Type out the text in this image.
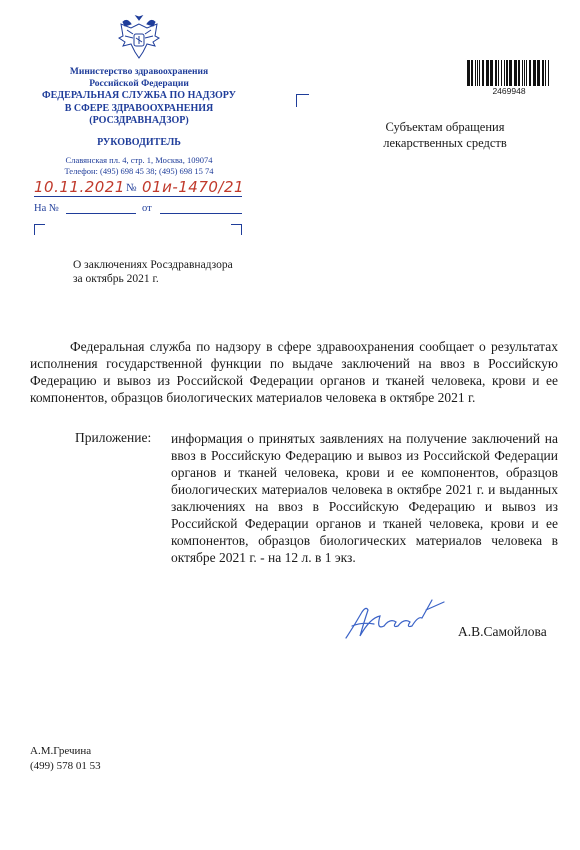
Министерство здравоохранения
Российской Федерации
ФЕДЕРАЛЬНАЯ СЛУЖБА ПО НАДЗОРУ
В СФЕРЕ ЗДРАВООХРАНЕНИЯ
(РОСЗДРАВНАДЗОР)
РУКОВОДИТЕЛЬ
Славянская пл. 4, стр. 1, Москва, 109074
Телефон: (495) 698 45 38; (495) 698 15 74
10.11.2021 № 01и-1470/21
На №	от
2469948
Субъектам обращения
лекарственных средств
О заключениях Росздравнадзора
за октябрь 2021 г.
Федеральная служба по надзору в сфере здравоохранения сообщает о результатах исполнения государственной функции по выдаче заключений на ввоз в Российскую Федерацию и вывоз из Российской Федерации органов и тканей человека, крови и ее компонентов, образцов биологических материалов человека в октябре 2021 г.
Приложение: информация о принятых заявлениях на получение заключений на ввоз в Российскую Федерацию и вывоз из Российской Федерации органов и тканей человека, крови и ее компонентов, образцов биологических материалов человека в октябре 2021 г. и выданных заключениях на ввоз в Российскую Федерацию и вывоз из Российской Федерации органов и тканей человека, крови и ее компонентов, образцов биологических материалов человека в октябре 2021 г. - на 12 л. в 1 экз.
А.В.Самойлова
А.М.Гречина
(499) 578 01 53
